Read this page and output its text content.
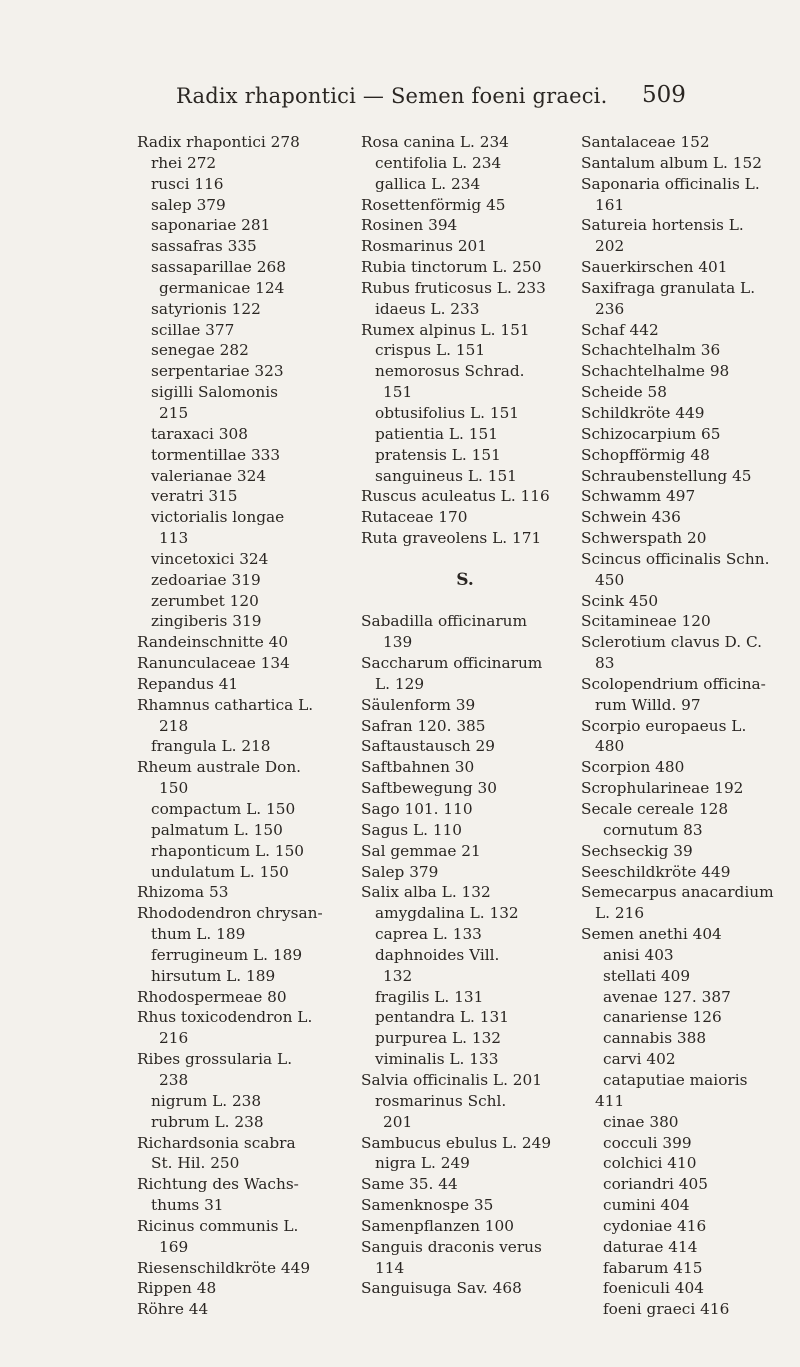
Radix rhapontici — Semen foeni graeci. 509
Radix rhapontici 278
rhei 272
rusci 116
salep 379
saponariae 281
sassafras 335
sassaparillae 268
germanicae 124
satyrionis 122
scillae 377
senegae 282
serpentariae 323
sigilli Salomonis
215
taraxaci 308
tormentillae 333
valerianae 324
veratri 315
victorialis longae
113
vincetoxici 324
zedoariae 319
zerumbet 120
zingiberis 319
Randeinschnitte 40
Ranunculaceae 134
Repandus 41
Rhamnus cathartica L.
218
frangula L. 218
Rheum australe Don.
150
compactum L. 150
palmatum L. 150
rhaponticum L. 150
undulatum L. 150
Rhizoma 53
Rhododendron chrysan-
thum L. 189
ferrugineum L. 189
hirsutum L. 189
Rhodospermeae 80
Rhus toxicodendron L.
216
Ribes grossularia L.
238
nigrum L. 238
rubrum L. 238
Richardsonia scabra
St. Hil. 250
Richtung des Wachs-
thums 31
Ricinus communis L.
169
Riesenschildkröte 449
Rippen 48
Röhre 44
Rosa canina L. 234
centifolia L. 234
gallica L. 234
Rosettenförmig 45
Rosinen 394
Rosmarinus 201
Rubia tinctorum L. 250
Rubus fruticosus L. 233
idaeus L. 233
Rumex alpinus L. 151
crispus L. 151
nemorosus Schrad.
151
obtusifolius L. 151
patientia L. 151
pratensis L. 151
sanguineus L. 151
Ruscus aculeatus L. 116
Rutaceae 170
Ruta graveolens L. 171
S.
Sabadilla officinarum
139
Saccharum officinarum
L. 129
Säulenform 39
Safran 120. 385
Saftaustausch 29
Saftbahnen 30
Saftbewegung 30
Sago 101. 110
Sagus L. 110
Sal gemmae 21
Salep 379
Salix alba L. 132
amygdalina L. 132
caprea L. 133
daphnoides Vill.
132
fragilis L. 131
pentandra L. 131
purpurea L. 132
viminalis L. 133
Salvia officinalis L. 201
rosmarinus Schl.
201
Sambucus ebulus L. 249
nigra L. 249
Same 35. 44
Samenknospe 35
Samenpflanzen 100
Sanguis draconis verus
114
Sanguisuga Sav. 468
Santalaceae 152
Santalum album L. 152
Saponaria officinalis L.
161
Satureia hortensis L.
202
Sauerkirschen 401
Saxifraga granulata L.
236
Schaf 442
Schachtelhalm 36
Schachtelhalme 98
Scheide 58
Schildkröte 449
Schizocarpium 65
Schopfförmig 48
Schraubenstellung 45
Schwamm 497
Schwein 436
Schwerspath 20
Scincus officinalis Schn.
450
Scink 450
Scitamineae 120
Sclerotium clavus D. C.
83
Scolopendrium officina-
rum Willd. 97
Scorpio europaeus L.
480
Scorpion 480
Scrophularineae 192
Secale cereale 128
cornutum 83
Sechseckig 39
Seeschildkröte 449
Semecarpus anacardium
L. 216
Semen anethi 404
anisi 403
stellati 409
avenae 127. 387
canariense 126
cannabis 388
carvi 402
cataputiae maioris
411
cinae 380
cocculi 399
colchici 410
coriandri 405
cumini 404
cydoniae 416
daturae 414
fabarum 415
foeniculi 404
foeni graeci 416
